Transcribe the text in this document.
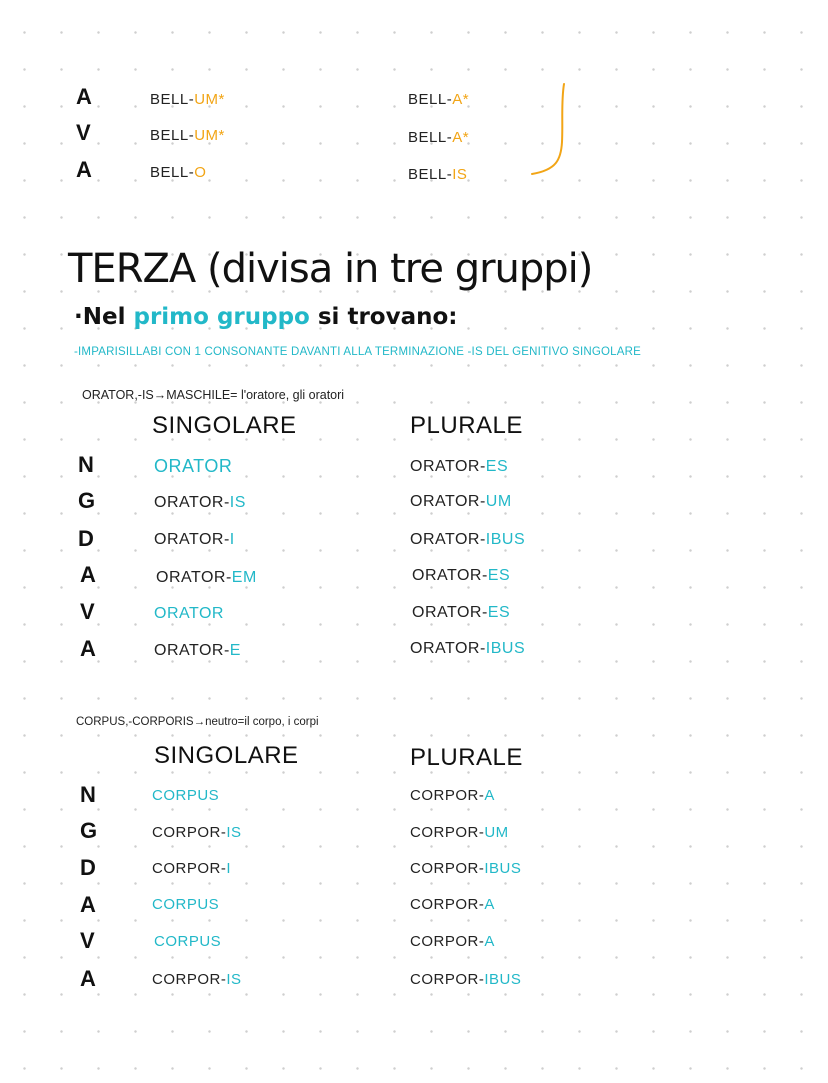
A	BELL-UM*	BELL-A*
V	BELL-UM*	BELL-A*
A	BELL-O	BELL-IS
TERZA (divisa in tre gruppi)
·Nel primo gruppo si trovano:
-IMPARISILLABI CON 1 CONSONANTE DAVANTI ALLA TERMINAZIONE -IS DEL GENITIVO SINGOLARE
ORATOR,-IS→MASCHILE= l'oratore, gli oratori
SINGOLARE	PLURALE
N	ORATOR	ORATOR-ES
G	ORATOR-IS	ORATOR-UM
D	ORATOR-I	ORATOR-IBUS
A	ORATOR-EM	ORATOR-ES
V	ORATOR	ORATOR-ES
A	ORATOR-E	ORATOR-IBUS
CORPUS,-CORPORIS→neutro=il corpo, i corpi
SINGOLARE	PLURALE
N	CORPUS	CORPOR-A
G	CORPOR-IS	CORPOR-UM
D	CORPOR-I	CORPOR-IBUS
A	CORPUS	CORPOR-A
V	CORPUS	CORPOR-A
A	CORPOR-IS	CORPOR-IBUS
